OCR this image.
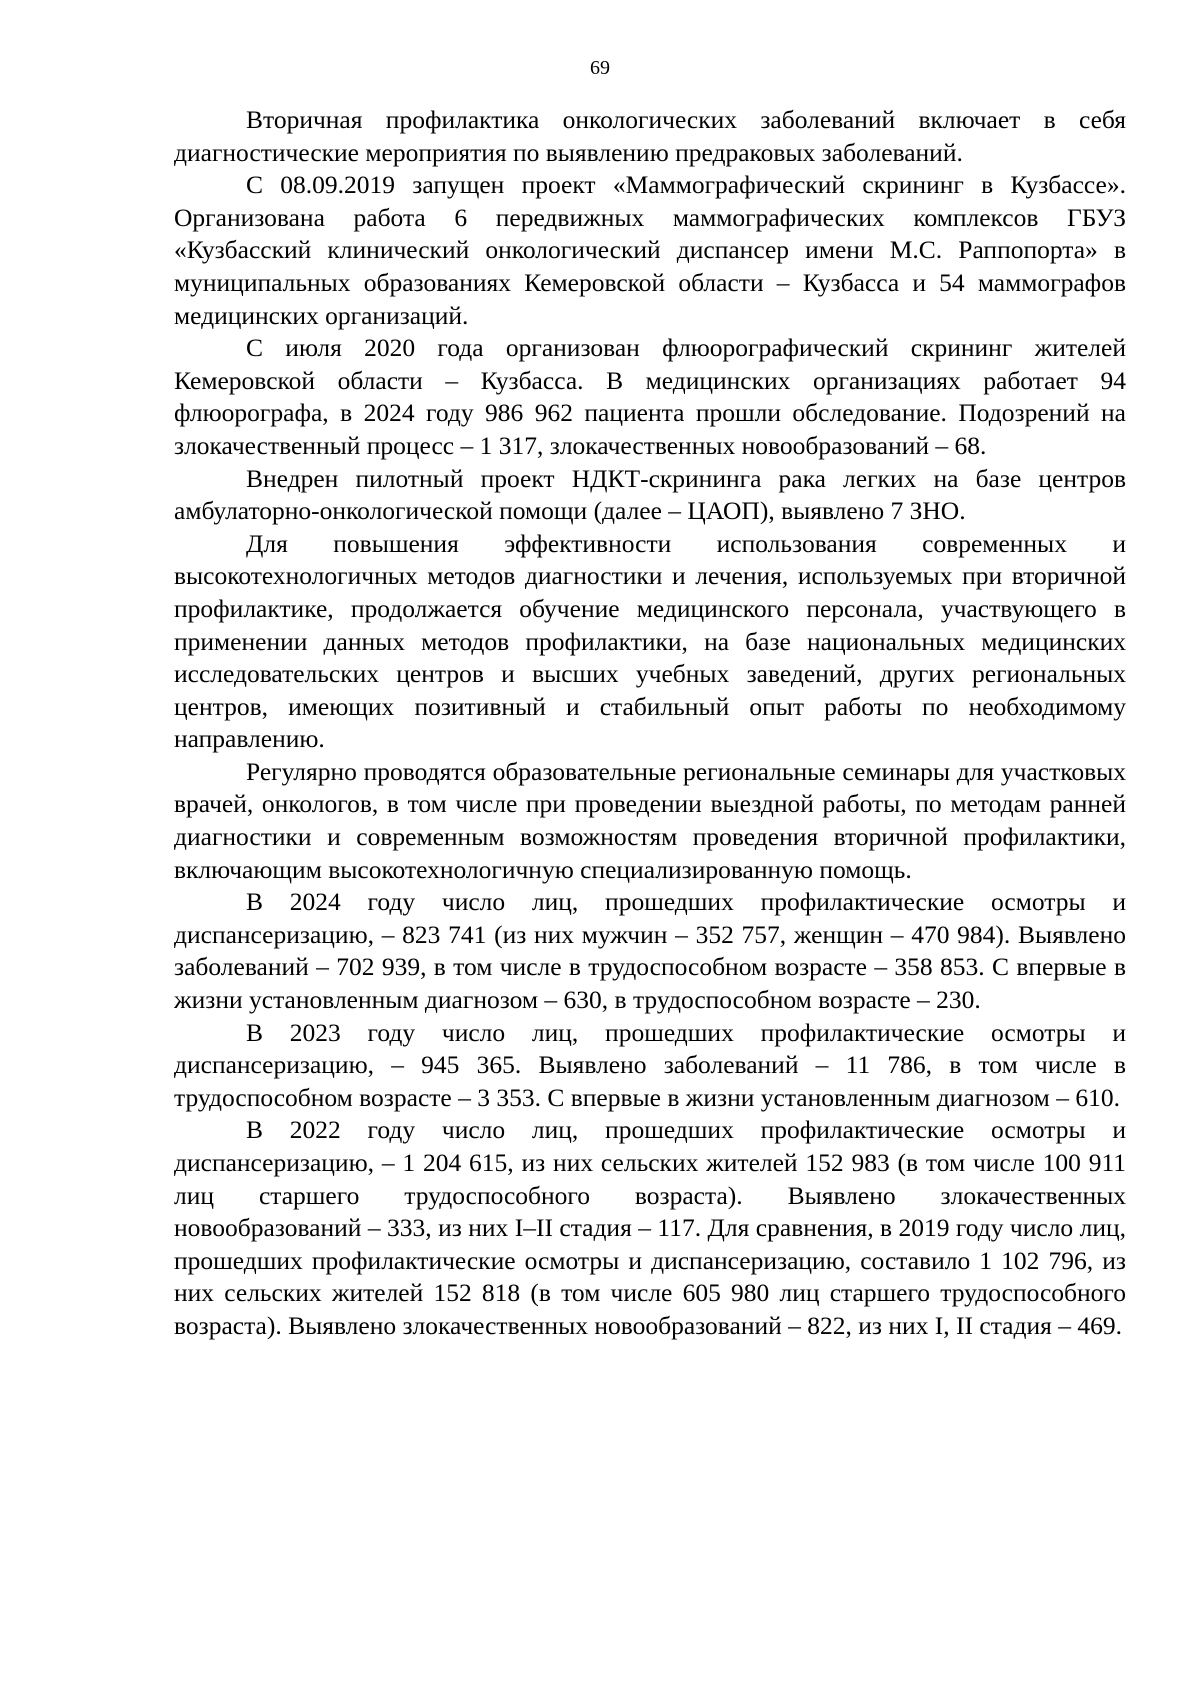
69

Вторичная профилактика онкологических заболеваний включает в себя диагностические мероприятия по выявлению предраковых заболеваний.

С 08.09.2019 запущен проект «Маммографический скрининг в Кузбассе». Организована работа 6 передвижных маммографических комплексов ГБУЗ «Кузбасский клинический онкологический диспансер имени М.С. Раппопорта» в муниципальных образованиях Кемеровской области – Кузбасса и 54 маммографов медицинских организаций.

С июля 2020 года организован флюорографический скрининг жителей Кемеровской области – Кузбасса. В медицинских организациях работает 94 флюорографа, в 2024 году 986 962 пациента прошли обследование. Подозрений на злокачественный процесс – 1 317, злокачественных новообразований – 68.

Внедрен пилотный проект НДКТ-скрининга рака легких на базе центров амбулаторно-онкологической помощи (далее – ЦАОП), выявлено 7 ЗНО.

Для повышения эффективности использования современных и высокотехнологичных методов диагностики и лечения, используемых при вторичной профилактике, продолжается обучение медицинского персонала, участвующего в применении данных методов профилактики, на базе национальных медицинских исследовательских центров и высших учебных заведений, других региональных центров, имеющих позитивный и стабильный опыт работы по необходимому направлению.

Регулярно проводятся образовательные региональные семинары для участковых врачей, онкологов, в том числе при проведении выездной работы, по методам ранней диагностики и современным возможностям проведения вторичной профилактики, включающим высокотехнологичную специализированную помощь.

В 2024 году число лиц, прошедших профилактические осмотры и диспансеризацию, – 823 741 (из них мужчин – 352 757, женщин – 470 984). Выявлено заболеваний – 702 939, в том числе в трудоспособном возрасте – 358 853. С впервые в жизни установленным диагнозом – 630, в трудоспособном возрасте – 230.

В 2023 году число лиц, прошедших профилактические осмотры и диспансеризацию, – 945 365. Выявлено заболеваний – 11 786, в том числе в трудоспособном возрасте – 3 353. С впервые в жизни установленным диагнозом – 610.

В 2022 году число лиц, прошедших профилактические осмотры и диспансеризацию, – 1 204 615, из них сельских жителей 152 983 (в том числе 100 911 лиц старшего трудоспособного возраста). Выявлено злокачественных новообразований – 333, из них I–II стадия – 117. Для сравнения, в 2019 году число лиц, прошедших профилактические осмотры и диспансеризацию, составило 1 102 796, из них сельских жителей 152 818 (в том числе 605 980 лиц старшего трудоспособного возраста). Выявлено злокачественных новообразований – 822, из них I, II стадия – 469.
